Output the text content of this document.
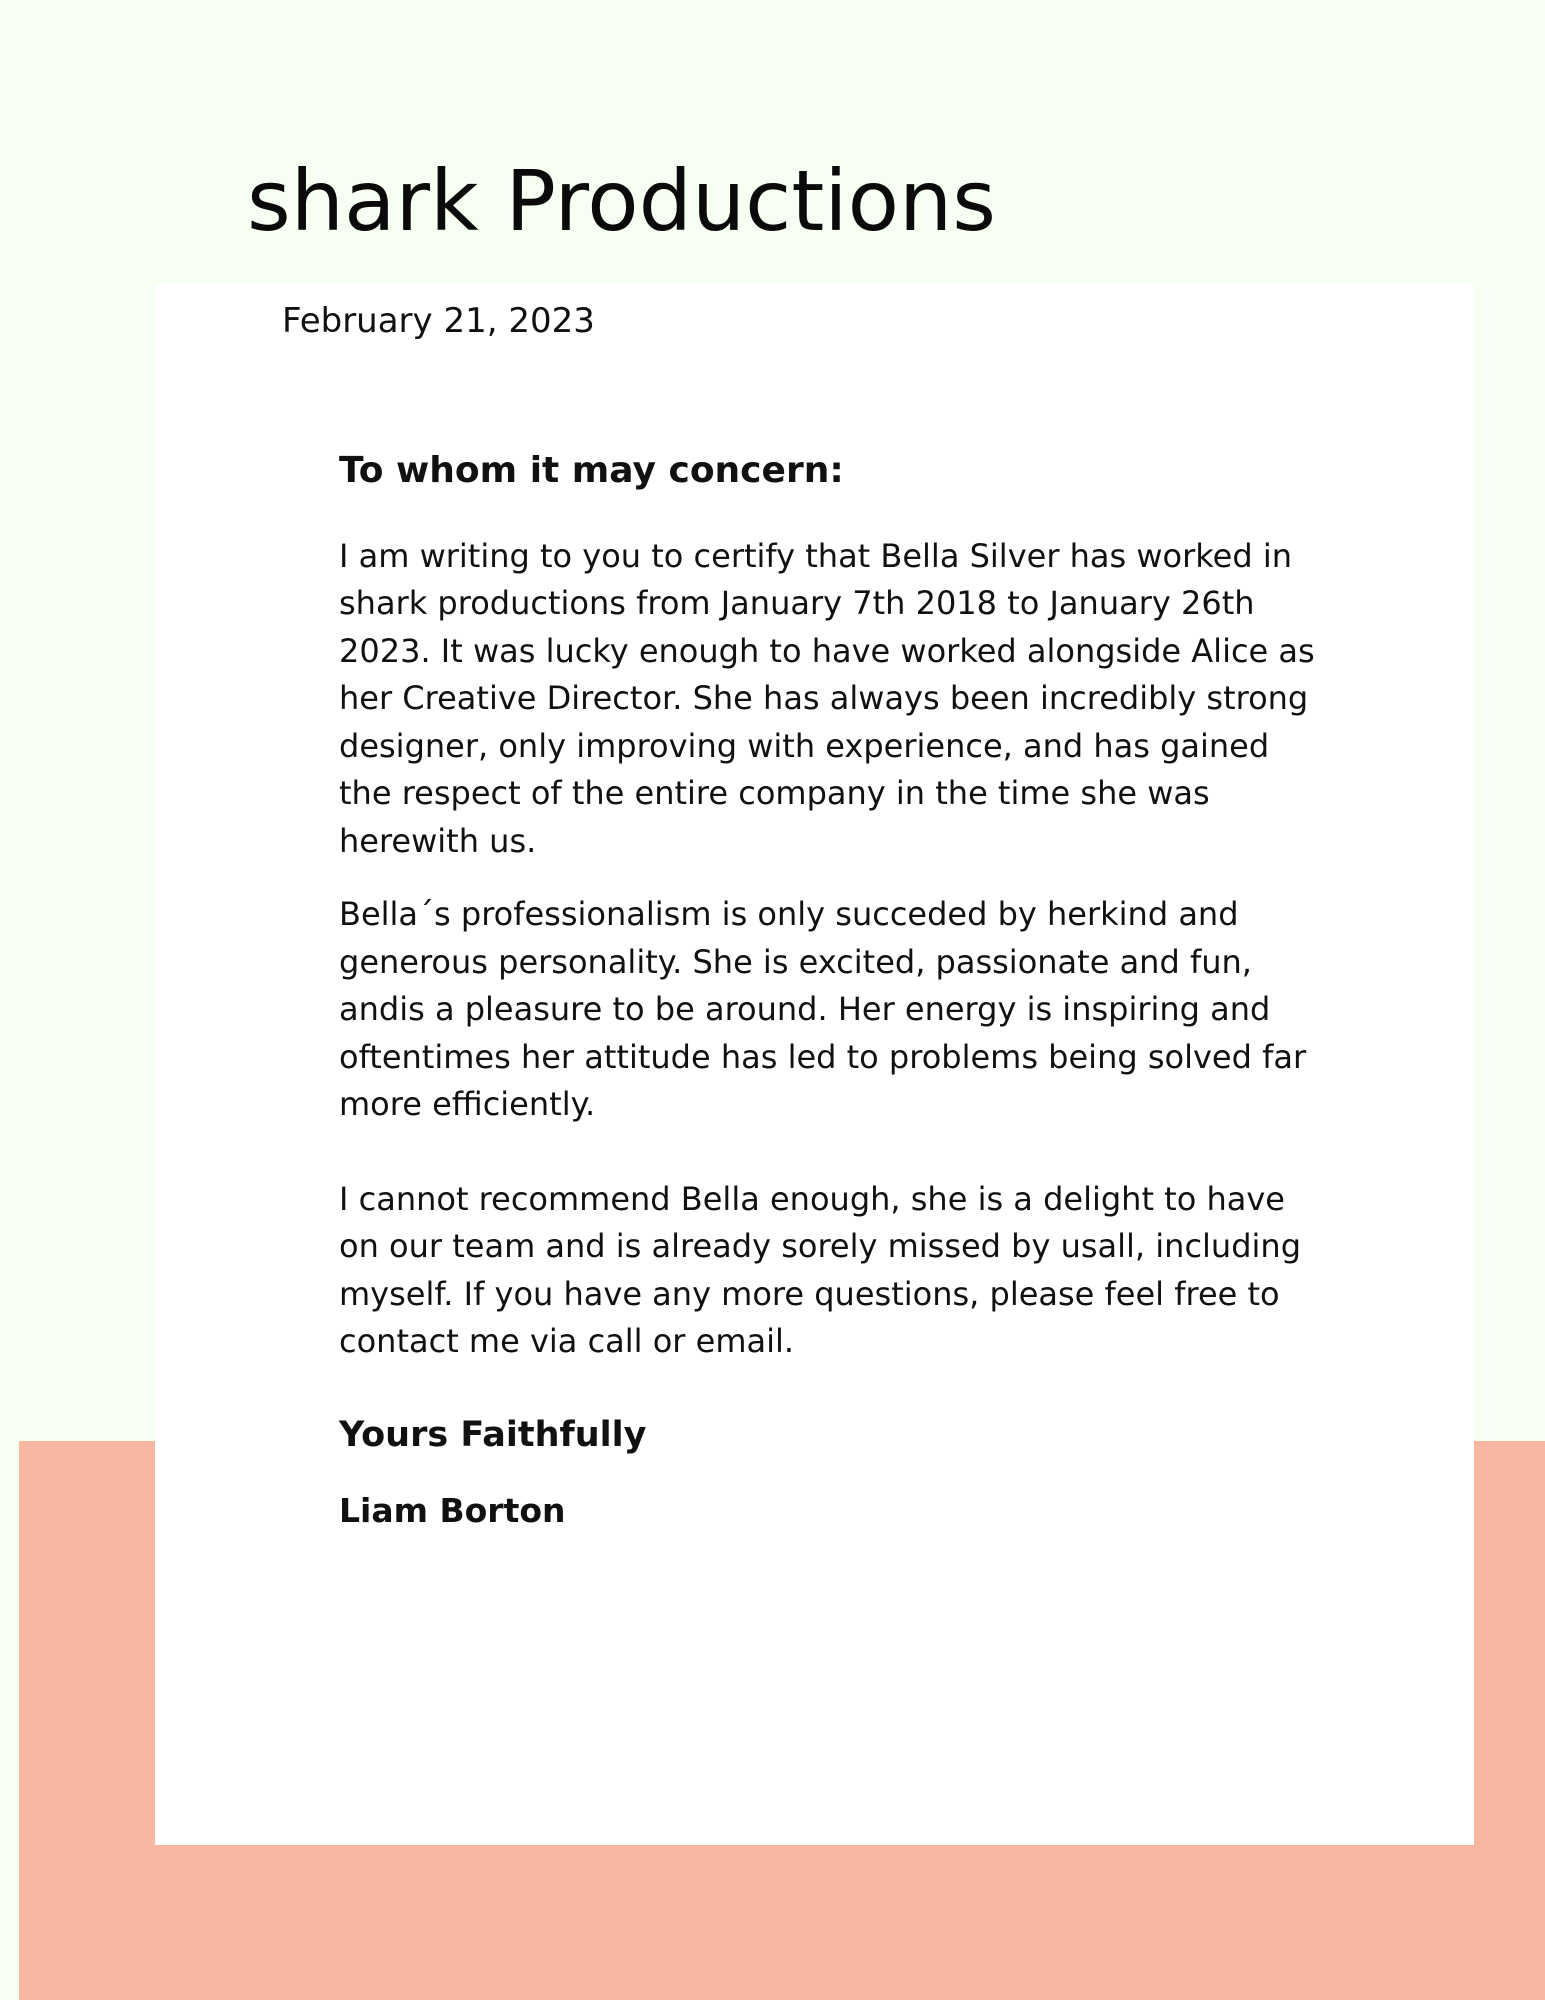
shark Productions
February 21, 2023
To whom it may concern:

I am writing to you to certify that Bella Silver has worked in
shark productions from January 7th 2018 to January 26th
2023. It was lucky enough to have worked alongside Alice as
her Creative Director. She has always been incredibly strong
designer, only improving with experience, and has gained
the respect of the entire company in the time she was
herewith us.

Bella´s professionalism is only succeded by herkind and
generous personality. She is excited, passionate and fun,
andis a pleasure to be around. Her energy is inspiring and
oftentimes her attitude has led to problems being solved far
more efficiently.

I cannot recommend Bella enough, she is a delight to have
on our team and is already sorely missed by usall, including
myself. If you have any more questions, please feel free to
contact me via call or email.

Yours Faithfully
Liam Borton
